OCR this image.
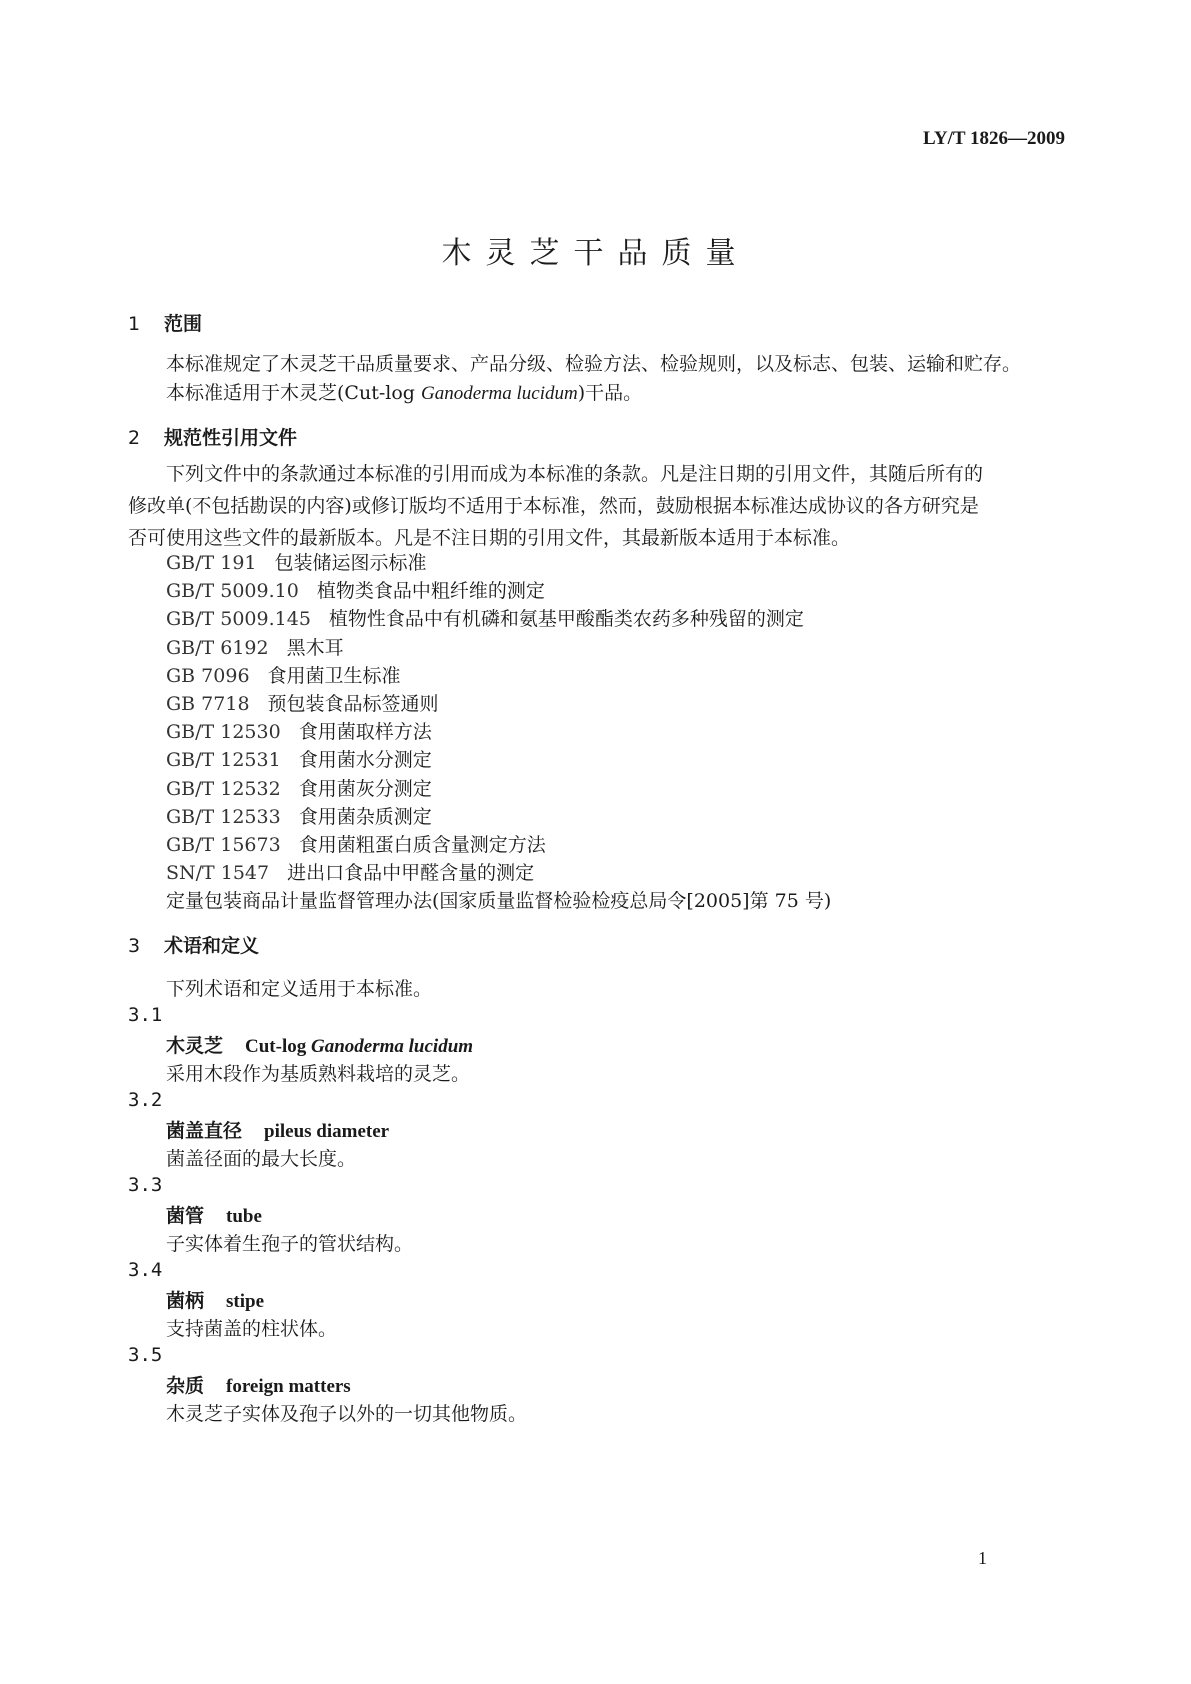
LY/T 1826—2009
木灵芝干品质量
1 范围
本标准规定了木灵芝干品质量要求、产品分级、检验方法、检验规则，以及标志、包装、运输和贮存。
本标准适用于木灵芝(Cut-log Ganoderma lucidum)干品。
2 规范性引用文件
下列文件中的条款通过本标准的引用而成为本标准的条款。凡是注日期的引用文件，其随后所有的修改单(不包括勘误的内容)或修订版均不适用于本标准，然而，鼓励根据本标准达成协议的各方研究是否可使用这些文件的最新版本。凡是不注日期的引用文件，其最新版本适用于本标准。
GB/T 191 包装储运图示标准
GB/T 5009.10 植物类食品中粗纤维的测定
GB/T 5009.145 植物性食品中有机磷和氨基甲酸酯类农药多种残留的测定
GB/T 6192 黑木耳
GB 7096 食用菌卫生标准
GB 7718 预包装食品标签通则
GB/T 12530 食用菌取样方法
GB/T 12531 食用菌水分测定
GB/T 12532 食用菌灰分测定
GB/T 12533 食用菌杂质测定
GB/T 15673 食用菌粗蛋白质含量测定方法
SN/T 1547 进出口食品中甲醛含量的测定
定量包装商品计量监督管理办法(国家质量监督检验检疫总局令[2005]第 75 号)
3 术语和定义
下列术语和定义适用于本标准。
3.1
木灵芝 Cut-log Ganoderma lucidum
采用木段作为基质熟料栽培的灵芝。
3.2
菌盖直径 pileus diameter
菌盖径面的最大长度。
3.3
菌管 tube
子实体着生孢子的管状结构。
3.4
菌柄 stipe
支持菌盖的柱状体。
3.5
杂质 foreign matters
木灵芝子实体及孢子以外的一切其他物质。
1
